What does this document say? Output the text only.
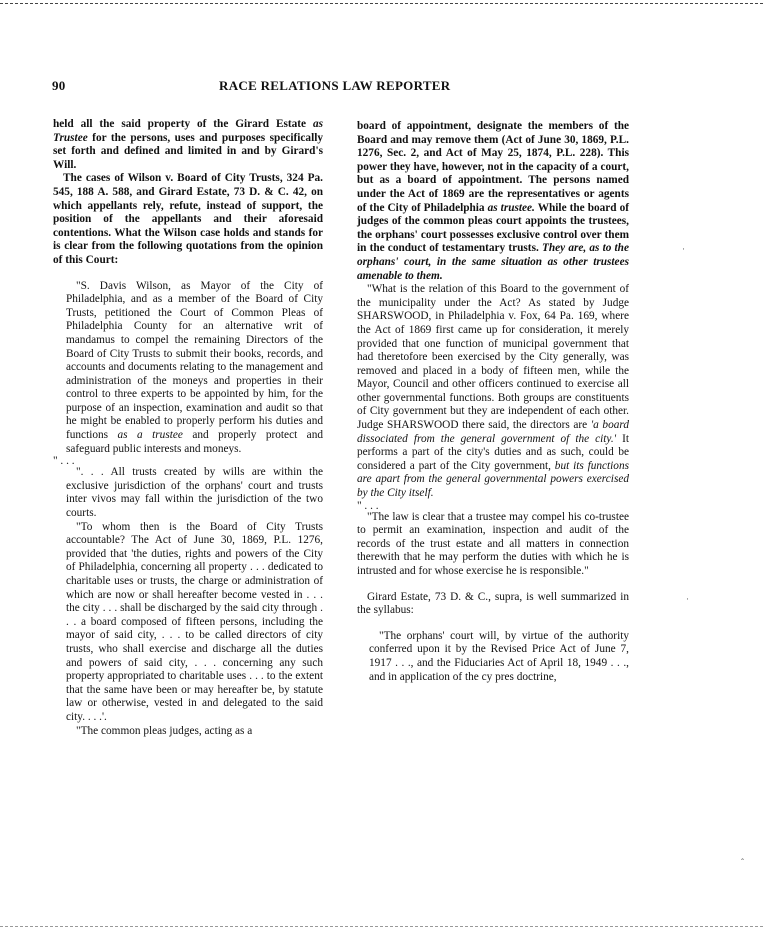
90	RACE RELATIONS LAW REPORTER

held all the said property of the Girard Estate as Trustee for the persons, uses and purposes specifically set forth and defined and limited in and by Girard's Will.

The cases of Wilson v. Board of City Trusts, 324 Pa. 545, 188 A. 588, and Girard Estate, 73 D. & C. 42, on which appellants rely, refute, instead of support, the position of the appellants and their aforesaid contentions. What the Wilson case holds and stands for is clear from the following quotations from the opinion of this Court:

"S. Davis Wilson, as Mayor of the City of Philadelphia, and as a member of the Board of City Trusts, petitioned the Court of Common Pleas of Philadelphia County for an alternative writ of mandamus to compel the remaining Directors of the Board of City Trusts to submit their books, records, and accounts and documents relating to the management and administration of the moneys and properties in their control to three experts to be appointed by him, for the purpose of an inspection, examination and audit so that he might be enabled to properly perform his duties and functions as a trustee and properly protect and safeguard public interests and moneys.

" . . .

". . . All trusts created by wills are within the exclusive jurisdiction of the orphans' court and trusts inter vivos may fall within the jurisdiction of the two courts.

"To whom then is the Board of City Trusts accountable? The Act of June 30, 1869, P.L. 1276, provided that 'the duties, rights and powers of the City of Philadelphia, concerning all property . . . dedicated to charitable uses or trusts, the charge or administration of which are now or shall hereafter become vested in . . . the city . . . shall be discharged by the said city through . . . a board composed of fifteen persons, including the mayor of said city, . . . to be called directors of city trusts, who shall exercise and discharge all the duties and powers of said city, . . . concerning any such property appropriated to charitable uses . . . to the extent that the same have been or may hereafter be, by statute law or otherwise, vested in and delegated to the said city. . . .'.

"The common pleas judges, acting as a

board of appointment, designate the members of the Board and may remove them (Act of June 30, 1869, P.L. 1276, Sec. 2, and Act of May 25, 1874, P.L. 228). This power they have, however, not in the capacity of a court, but as a board of appointment. The persons named under the Act of 1869 are the representatives or agents of the City of Philadelphia as trustee. While the board of judges of the common pleas court appoints the trustees, the orphans' court possesses exclusive control over them in the conduct of testamentary trusts. They are, as to the orphans' court, in the same situation as other trustees amenable to them.

"What is the relation of this Board to the government of the municipality under the Act? As stated by Judge SHARSWOOD, in Philadelphia v. Fox, 64 Pa. 169, where the Act of 1869 first came up for consideration, it merely provided that one function of municipal government that had theretofore been exercised by the City generally, was removed and placed in a body of fifteen men, while the Mayor, Council and other officers continued to exercise all other governmental functions. Both groups are constituents of City government but they are independent of each other. Judge SHARSWOOD there said, the directors are 'a board dissociated from the general government of the city.' It performs a part of the city's duties and as such, could be considered a part of the City government, but its functions are apart from the general governmental powers exercised by the City itself.

" . . .

"The law is clear that a trustee may compel his co-trustee to permit an examination, inspection and audit of the records of the trust estate and all matters in connection therewith that he may perform the duties with which he is intrusted and for whose exercise he is responsible."

Girard Estate, 73 D. & C., supra, is well summarized in the syllabus:

"The orphans' court will, by virtue of the authority conferred upon it by the Revised Price Act of June 7, 1917 . . ., and the Fiduciaries Act of April 18, 1949 . . ., and in application of the cy pres doctrine,

·
·
ˆ
